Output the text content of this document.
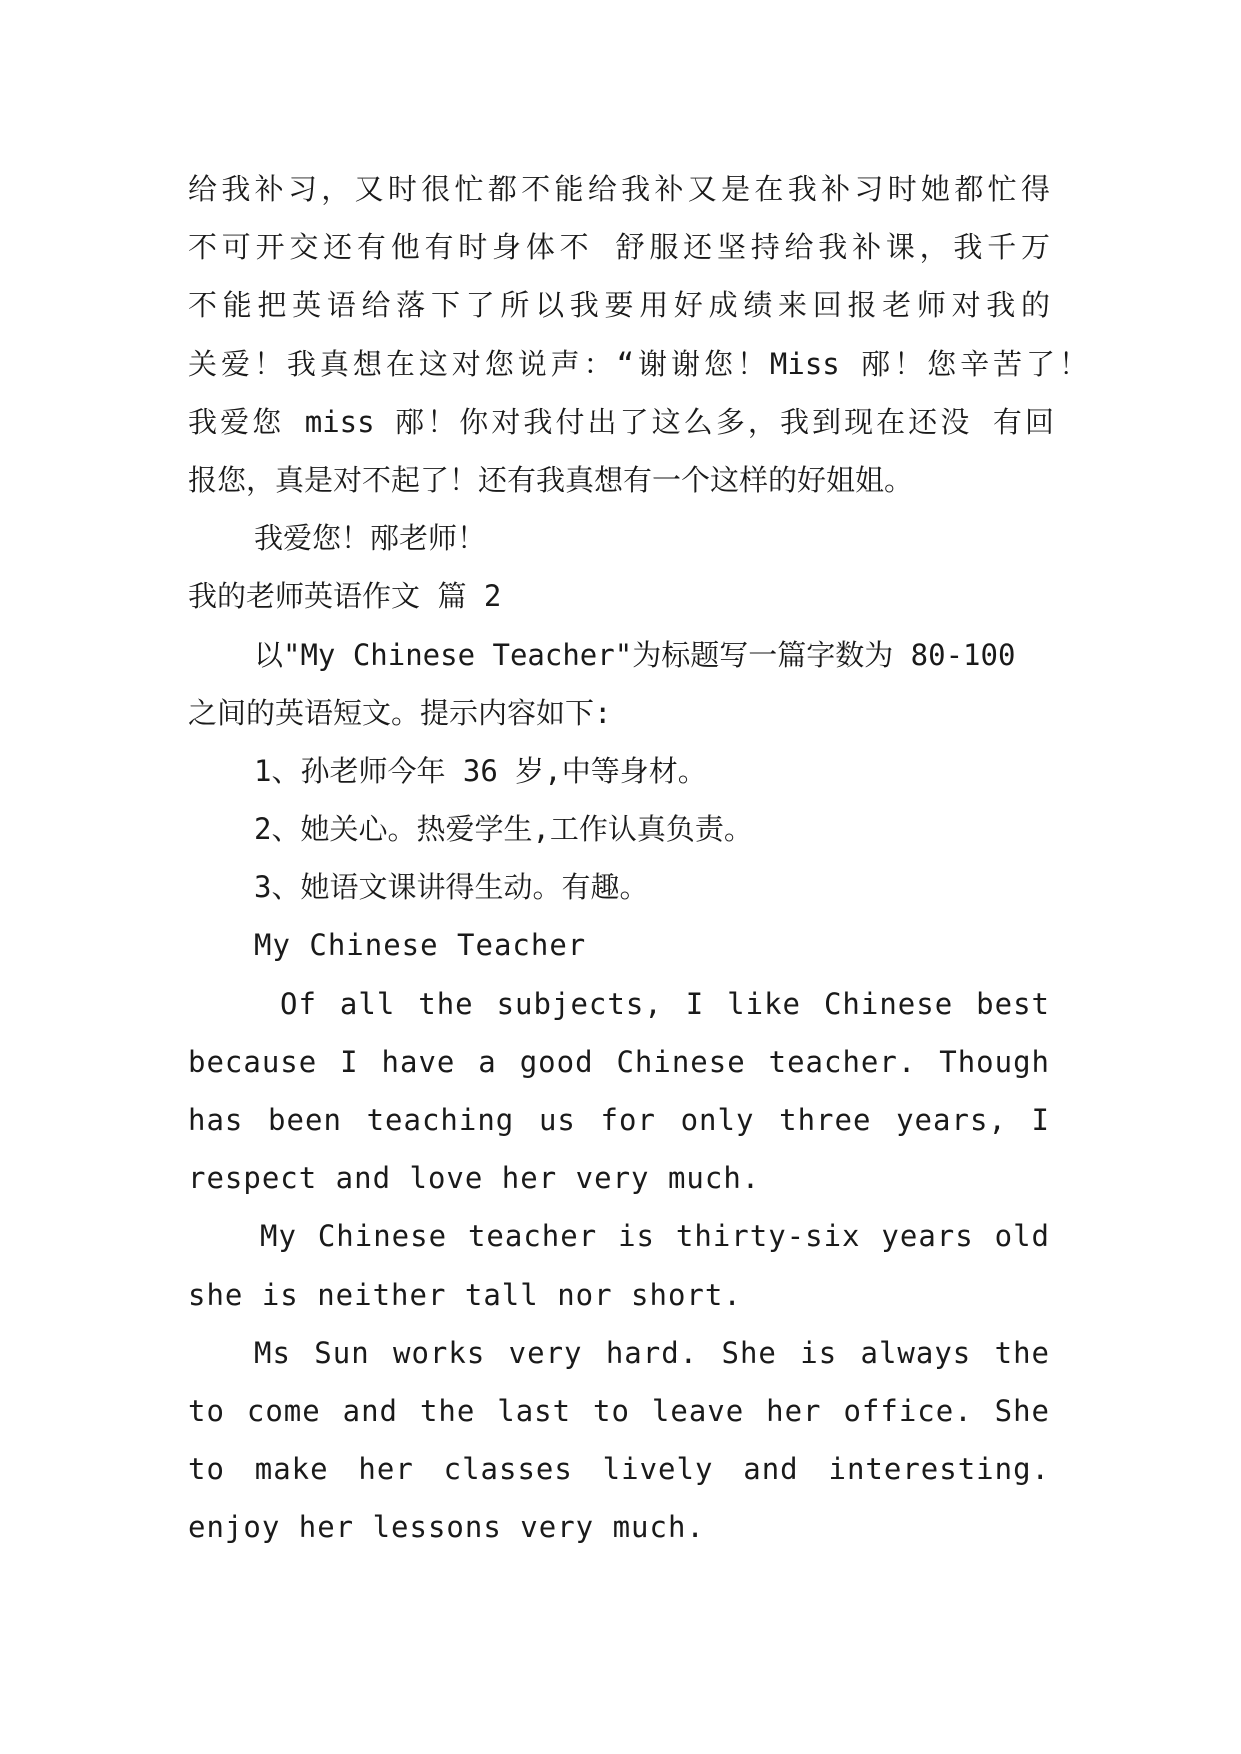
给我补习，又时很忙都不能给我补又是在我补习时她都忙得
不可开交还有他有时身体不 舒服还坚持给我补课，我千万
不能把英语给落下了所以我要用好成绩来回报老师对我的
关爱！我真想在这对您说声：“谢谢您！Miss 邴！您辛苦了！
我爱您 miss 邴！你对我付出了这么多，我到现在还没 有回
报您，真是对不起了！还有我真想有一个这样的好姐姐。
我爱您！邴老师！
我的老师英语作文 篇 2
以"My Chinese Teacher"为标题写一篇字数为 80-100
之间的英语短文。提示内容如下:
1、孙老师今年 36 岁,中等身材。
2、她关心。热爱学生,工作认真负责。
3、她语文课讲得生动。有趣。
My Chinese Teacher
Of all the subjects, I like Chinese best
because I have a good Chinese teacher. Though
has been teaching us for only three years, I
respect and love her very much.
My Chinese teacher is thirty-six years old
she is neither tall nor short.
Ms Sun works very hard. She is always the
to come and the last to leave her office. She
to make her classes lively and interesting.
enjoy her lessons very much.
